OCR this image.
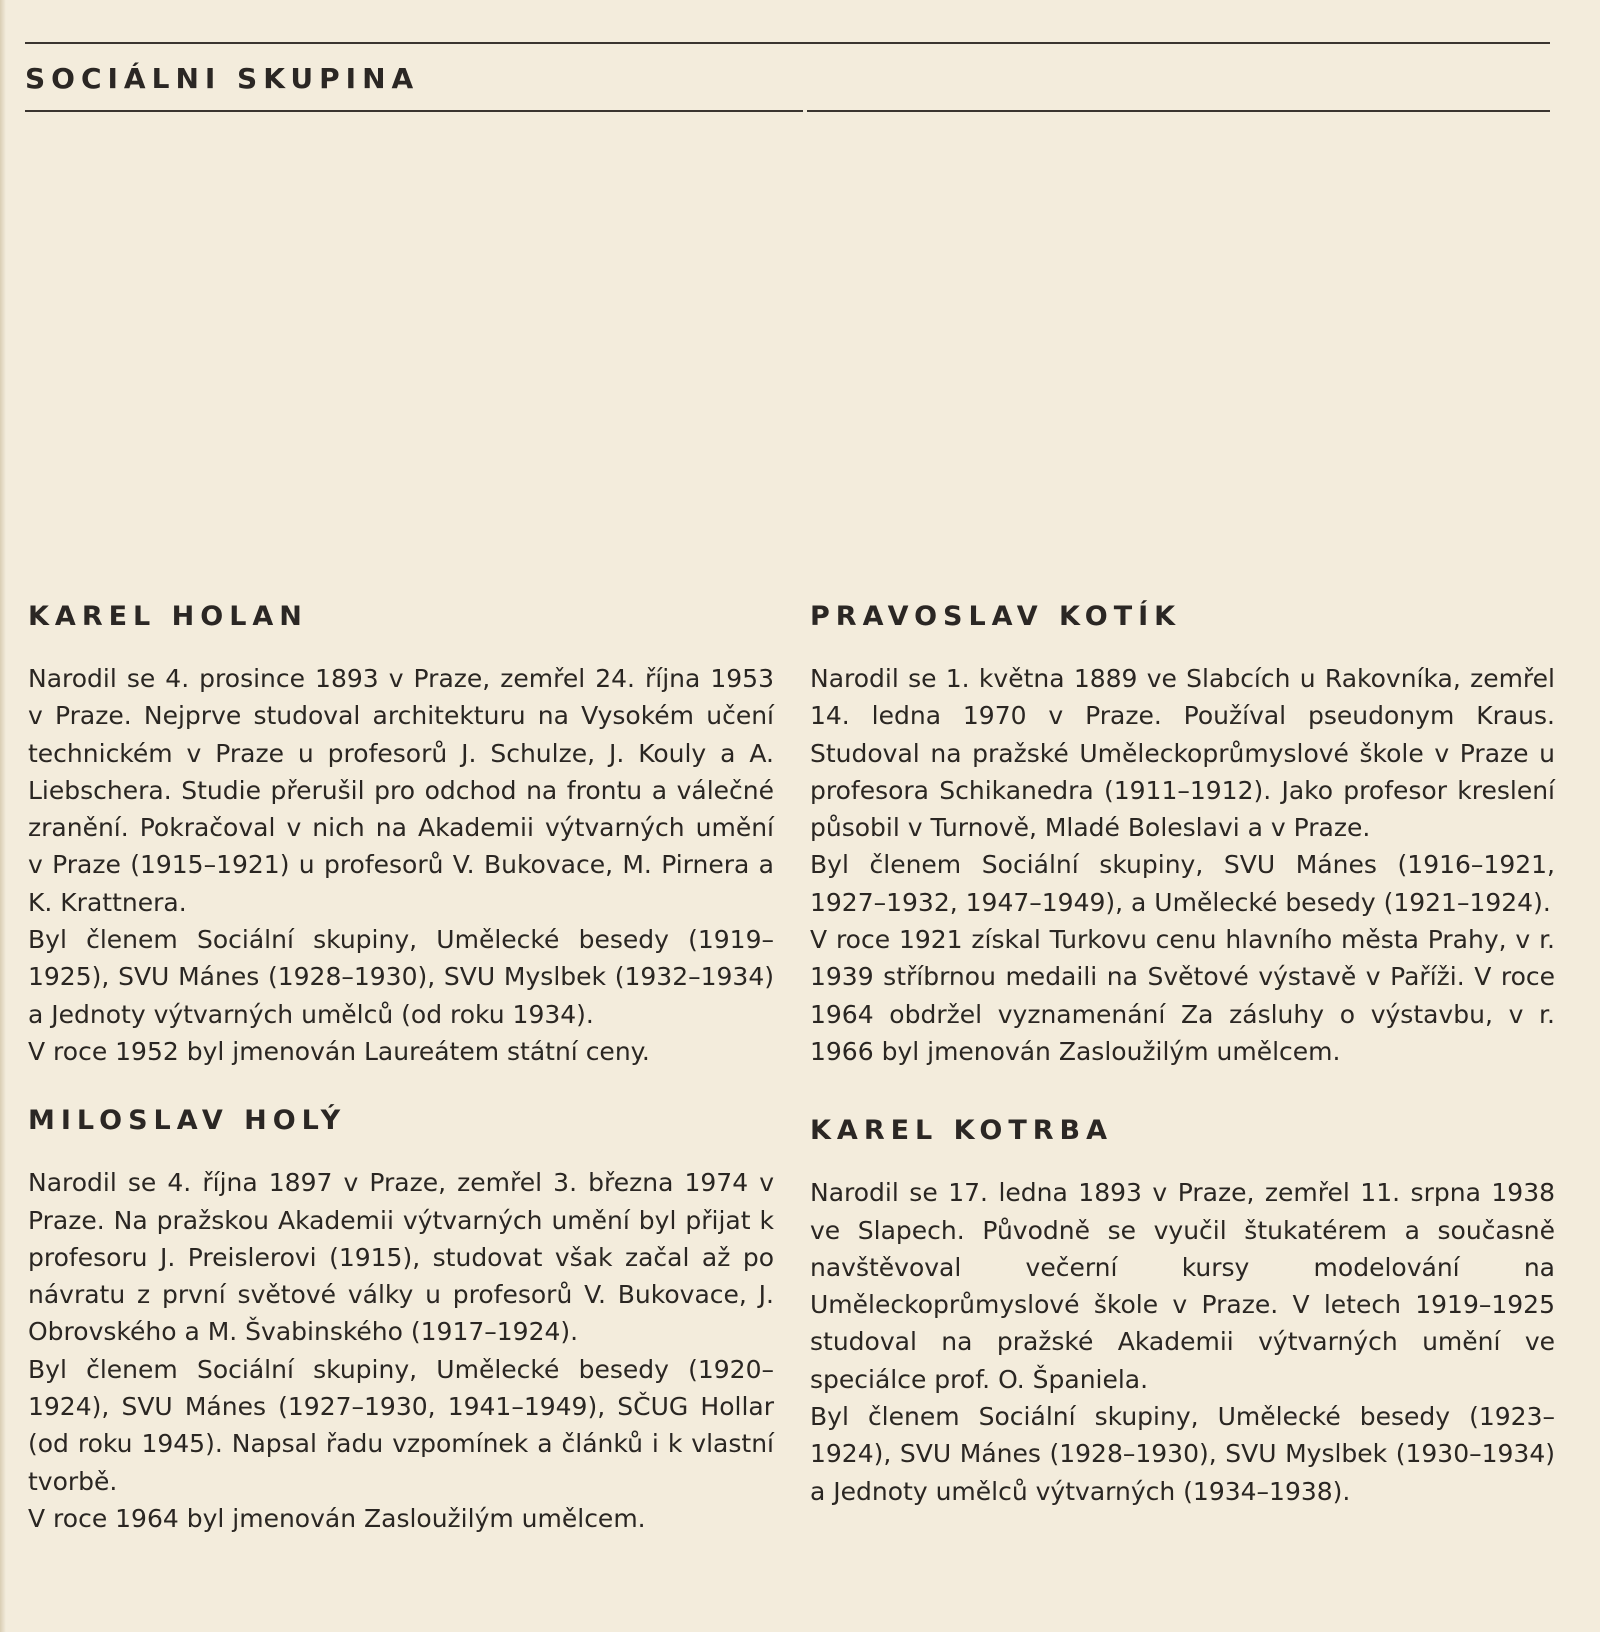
SOCIÁLNI SKUPINA
KAREL HOLAN

Narodil se 4. prosince 1893 v Praze, zemřel 24. října 1953 v Praze. Nejprve studoval architekturu na Vysokém učení technickém v Praze u profesorů J. Schulze, J. Kouly a A. Liebschera. Studie přerušil pro odchod na frontu a válečné zranění. Pokračoval v nich na Akademii výtvarných umění v Praze (1915–1921) u profesorů V. Bukovace, M. Pirnera a K. Krattnera.

Byl členem Sociální skupiny, Umělecké besedy (1919–1925), SVU Mánes (1928–1930), SVU Myslbek (1932–1934) a Jednoty výtvarných umělců (od roku 1934).

V roce 1952 byl jmenován Laureátem státní ceny.

MILOSLAV HOLÝ

Narodil se 4. října 1897 v Praze, zemřel 3. března 1974 v Praze. Na pražskou Akademii výtvarných umění byl přijat k profesoru J. Preislerovi (1915), studovat však začal až po návratu z první světové války u profesorů V. Bukovace, J. Obrovského a M. Švabinského (1917–1924).

Byl členem Sociální skupiny, Umělecké besedy (1920–1924), SVU Mánes (1927–1930, 1941–1949), SČUG Hollar (od roku 1945). Napsal řadu vzpomínek a článků i k vlastní tvorbě.

V roce 1964 byl jmenován Zasloužilým umělcem.

PRAVOSLAV KOTÍK

Narodil se 1. května 1889 ve Slabcích u Rakovníka, zemřel 14. ledna 1970 v Praze. Používal pseudonym Kraus. Studoval na pražské Uměleckoprůmyslové škole v Praze u profesora Schikanedra (1911–1912). Jako profesor kreslení působil v Turnově, Mladé Boleslavi a v Praze.

Byl členem Sociální skupiny, SVU Mánes (1916–1921, 1927–1932, 1947–1949), a Umělecké besedy (1921–1924).

V roce 1921 získal Turkovu cenu hlavního města Prahy, v r. 1939 stříbrnou medaili na Světové výstavě v Paříži. V roce 1964 obdržel vyznamenání Za zásluhy o výstavbu, v r. 1966 byl jmenován Zasloužilým umělcem.

KAREL KOTRBA

Narodil se 17. ledna 1893 v Praze, zemřel 11. srpna 1938 ve Slapech. Původně se vyučil štukatérem a současně navštěvoval večerní kursy modelování na Uměleckoprůmyslové škole v Praze. V letech 1919–1925 studoval na pražské Akademii výtvarných umění ve speciálce prof. O. Španiela.

Byl členem Sociální skupiny, Umělecké besedy (1923–1924), SVU Mánes (1928–1930), SVU Myslbek (1930–1934) a Jednoty umělců výtvarných (1934–1938).
